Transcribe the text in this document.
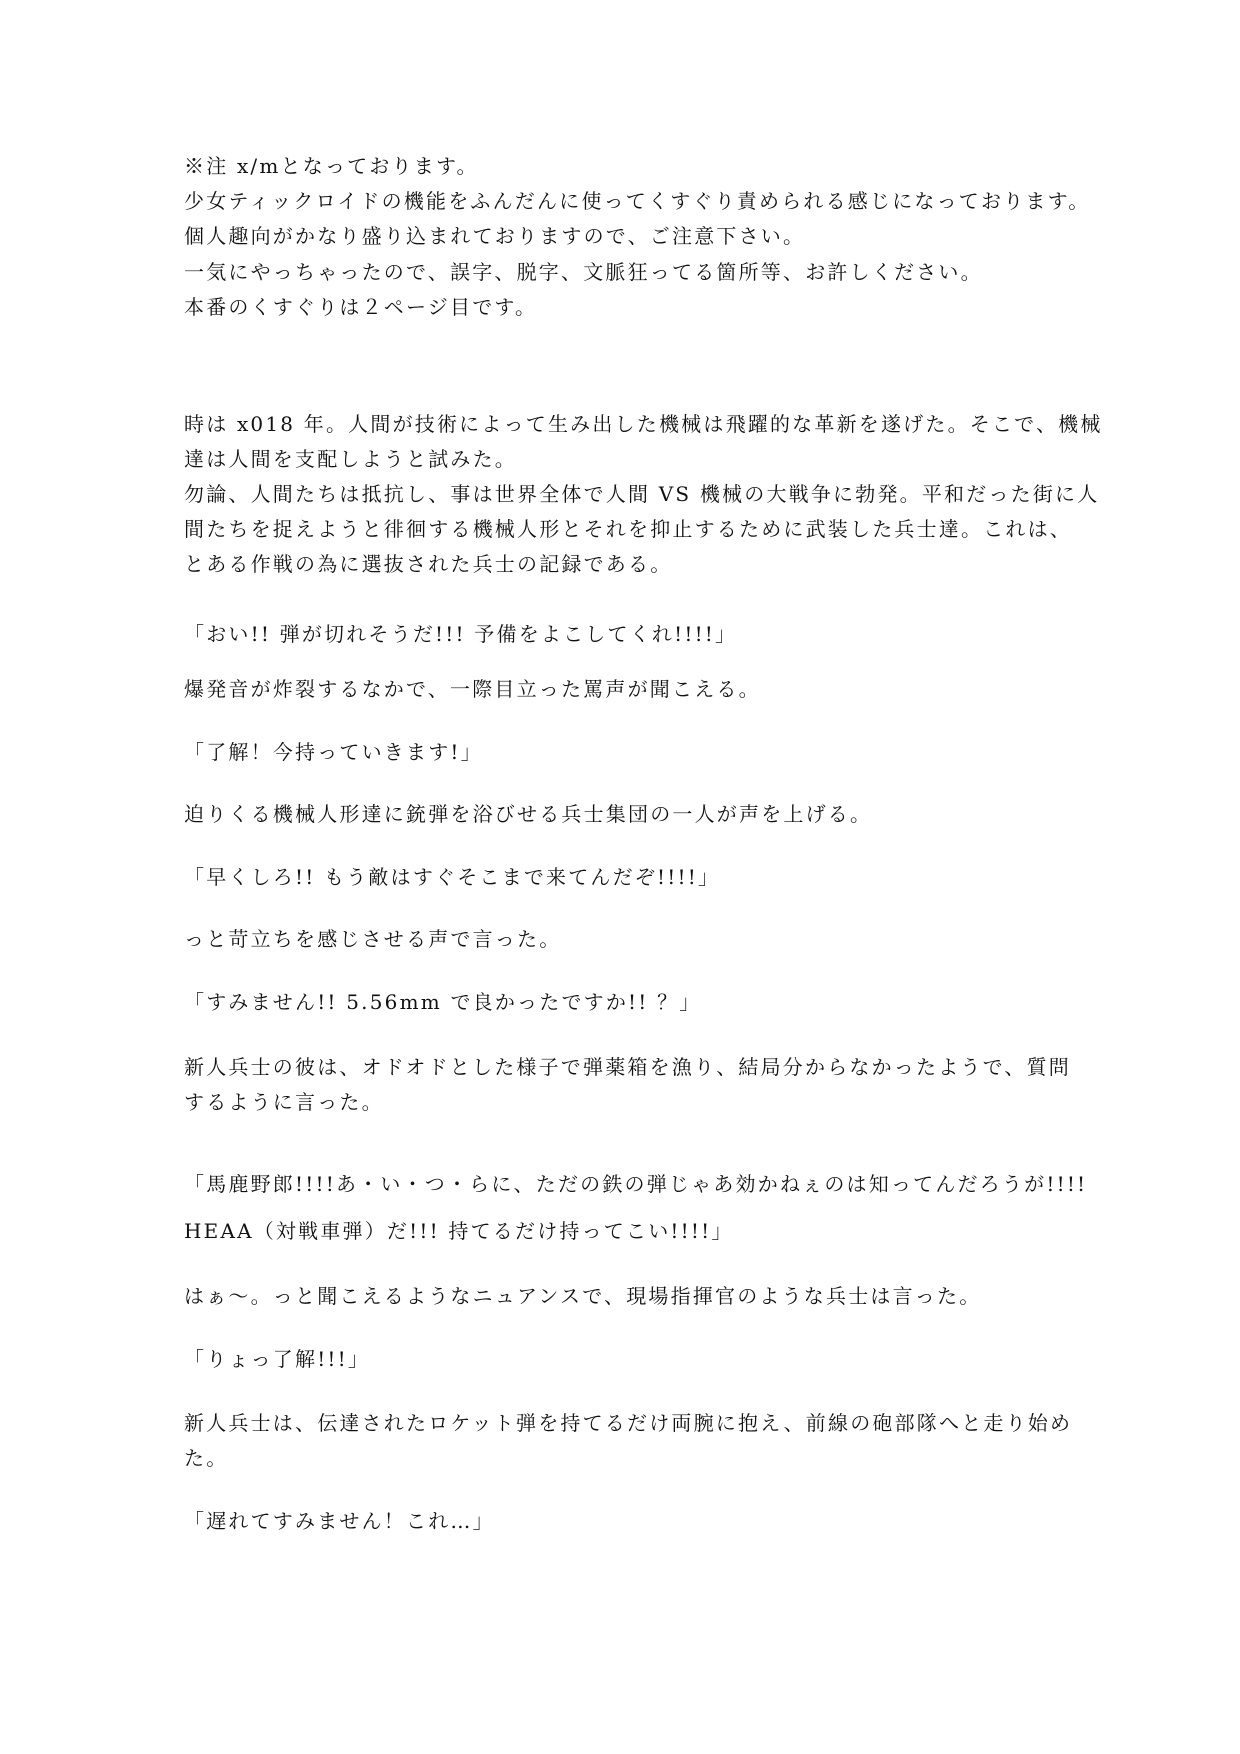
※注 x/mとなっております。
少女ティックロイドの機能をふんだんに使ってくすぐり責められる感じになっております。
個人趣向がかなり盛り込まれておりますので、ご注意下さい。
一気にやっちゃったので、誤字、脱字、文脈狂ってる箇所等、お許しください。
本番のくすぐりは２ページ目です。
時は x018 年。人間が技術によって生み出した機械は飛躍的な革新を遂げた。そこで、機械
達は人間を支配しようと試みた。
勿論、人間たちは抵抗し、事は世界全体で人間 VS 機械の大戦争に勃発。平和だった街に人
間たちを捉えようと徘徊する機械人形とそれを抑止するために武装した兵士達。これは、
とある作戦の為に選抜された兵士の記録である。
「おい!! 弾が切れそうだ!!! 予備をよこしてくれ!!!!」
爆発音が炸裂するなかで、一際目立った罵声が聞こえる。
「了解！今持っていきます!」
迫りくる機械人形達に銃弾を浴びせる兵士集団の一人が声を上げる。
「早くしろ!! もう敵はすぐそこまで来てんだぞ!!!!」
っと苛立ちを感じさせる声で言った。
「すみません!! 5.56mm で良かったですか!! ？」
新人兵士の彼は、オドオドとした様子で弾薬箱を漁り、結局分からなかったようで、質問
するように言った。
「馬鹿野郎!!!!あ・い・つ・らに、ただの鉄の弾じゃあ効かねぇのは知ってんだろうが!!!!
HEAA（対戦車弾）だ!!! 持てるだけ持ってこい!!!!」
はぁ〜。っと聞こえるようなニュアンスで、現場指揮官のような兵士は言った。
「りょっ了解!!!」
新人兵士は、伝達されたロケット弾を持てるだけ両腕に抱え、前線の砲部隊へと走り始め
た。
「遅れてすみません！これ…」
